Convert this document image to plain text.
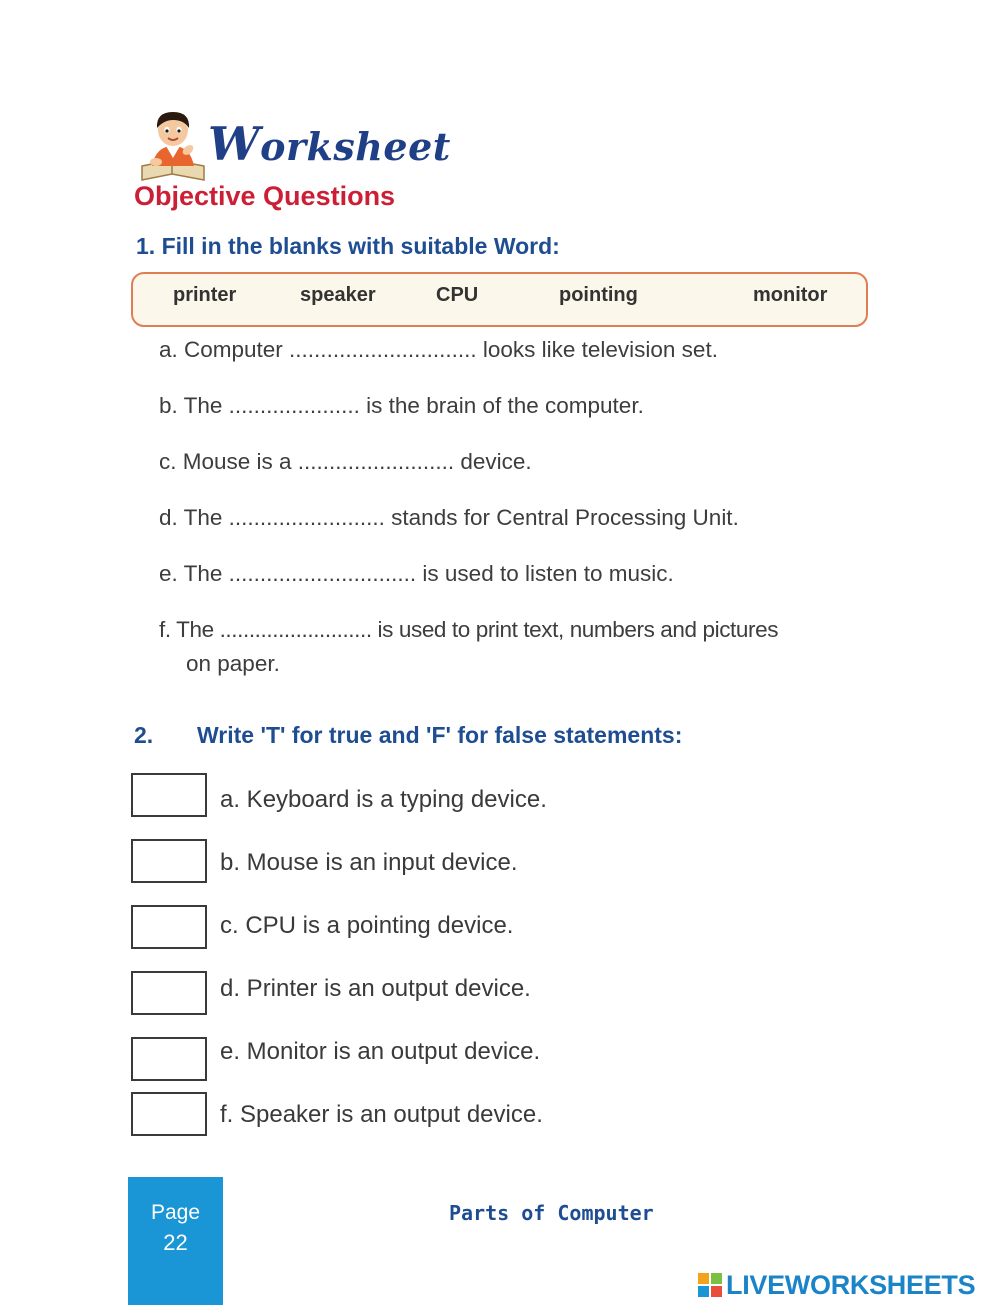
Worksheet
Objective Questions
1. Fill in the blanks with suitable Word:
printer	speaker	CPU	pointing	monitor
a. Computer .............................. looks like television set.
b. The ..................... is the brain of the computer.
c. Mouse is a ......................... device.
d. The ......................... stands for Central Processing Unit.
e. The .............................. is used to listen to music.
f. The .......................... is used to print text, numbers and pictures
on paper.
2. Write 'T' for true and 'F' for false statements:
a. Keyboard is a typing device.
b. Mouse is an input device.
c. CPU is a pointing device.
d. Printer is an output device.
e. Monitor is an output device.
f. Speaker is an output device.
Page
22
Parts of Computer
LIVEWORKSHEETS
